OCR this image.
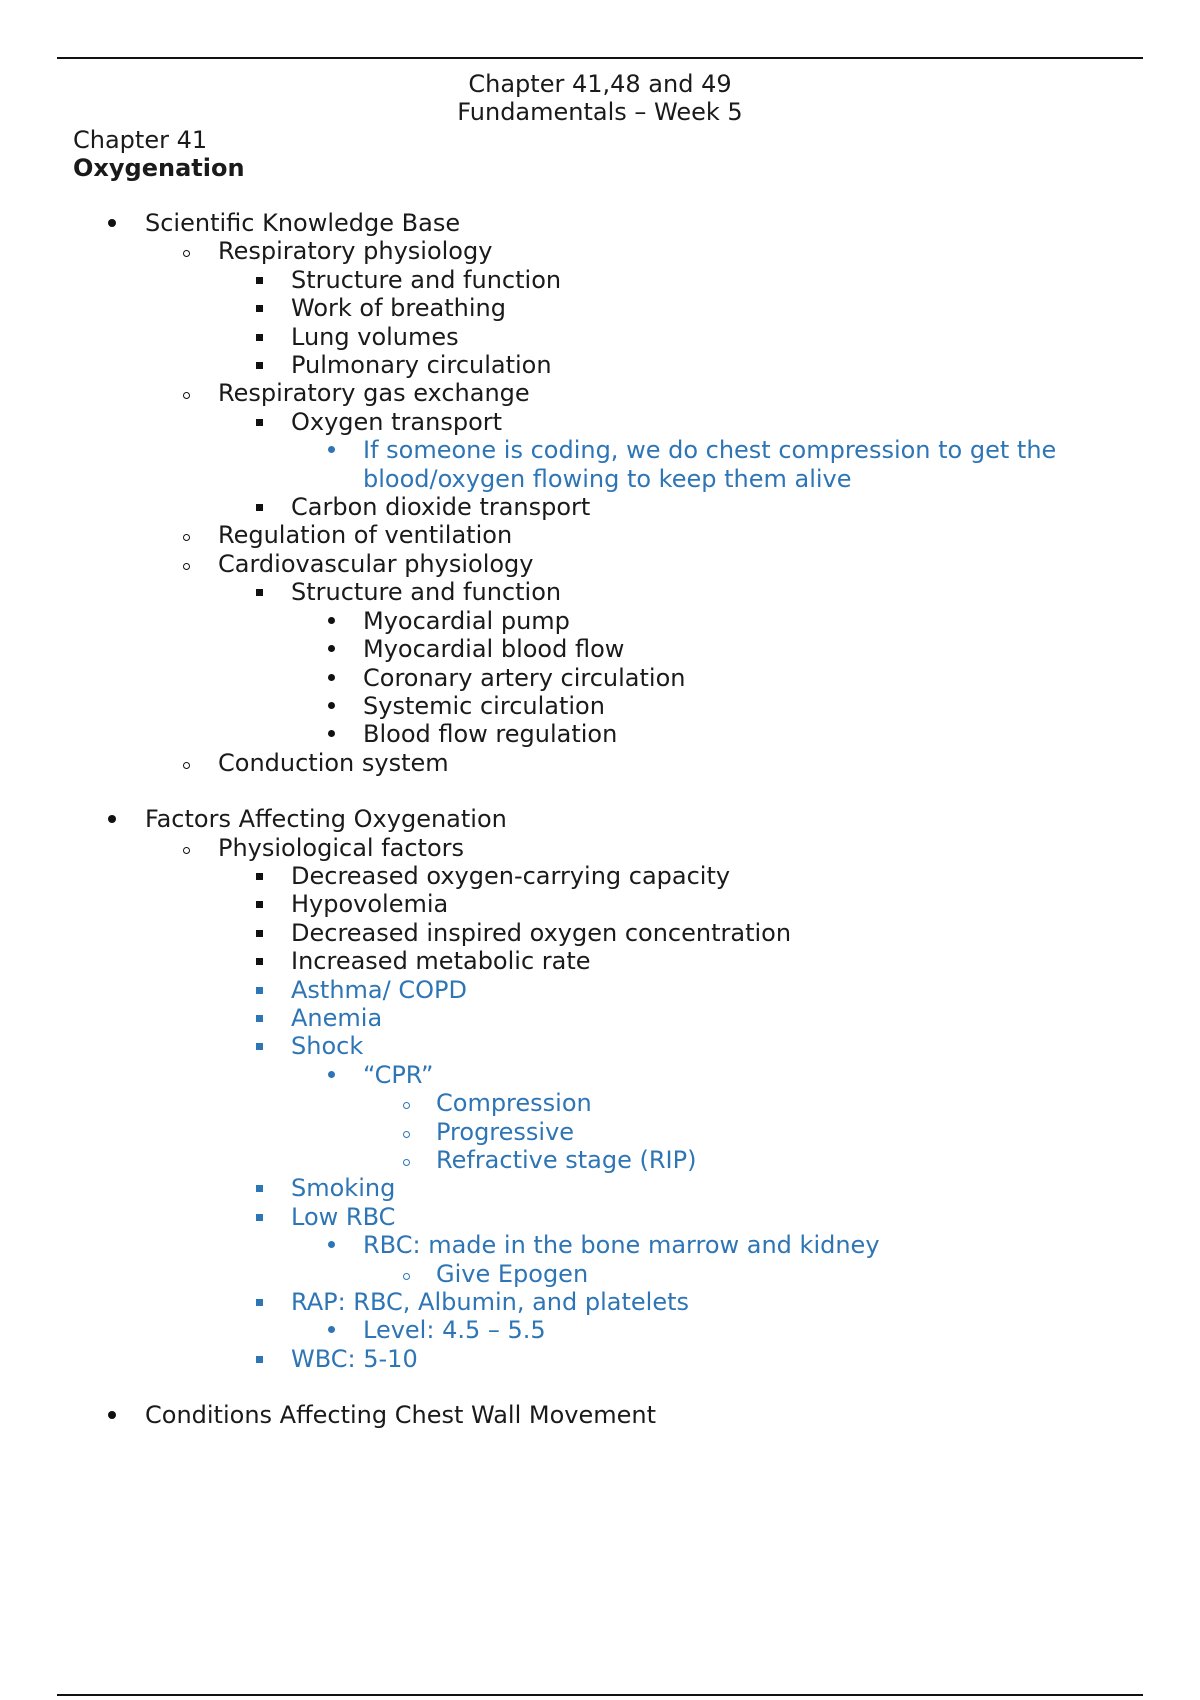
Chapter 41,48 and 49
Fundamentals – Week 5
Chapter 41
Oxygenation
Scientific Knowledge Base
Respiratory physiology
Structure and function
Work of breathing
Lung volumes
Pulmonary circulation
Respiratory gas exchange
Oxygen transport
If someone is coding, we do chest compression to get the blood/oxygen flowing to keep them alive
Carbon dioxide transport
Regulation of ventilation
Cardiovascular physiology
Structure and function
Myocardial pump
Myocardial blood flow
Coronary artery circulation
Systemic circulation
Blood flow regulation
Conduction system
Factors Affecting Oxygenation
Physiological factors
Decreased oxygen-carrying capacity
Hypovolemia
Decreased inspired oxygen concentration
Increased metabolic rate
Asthma/ COPD
Anemia
Shock
“CPR”
Compression
Progressive
Refractive stage (RIP)
Smoking
Low RBC
RBC: made in the bone marrow and kidney
Give Epogen
RAP: RBC, Albumin, and platelets
Level: 4.5 – 5.5
WBC: 5-10
Conditions Affecting Chest Wall Movement
